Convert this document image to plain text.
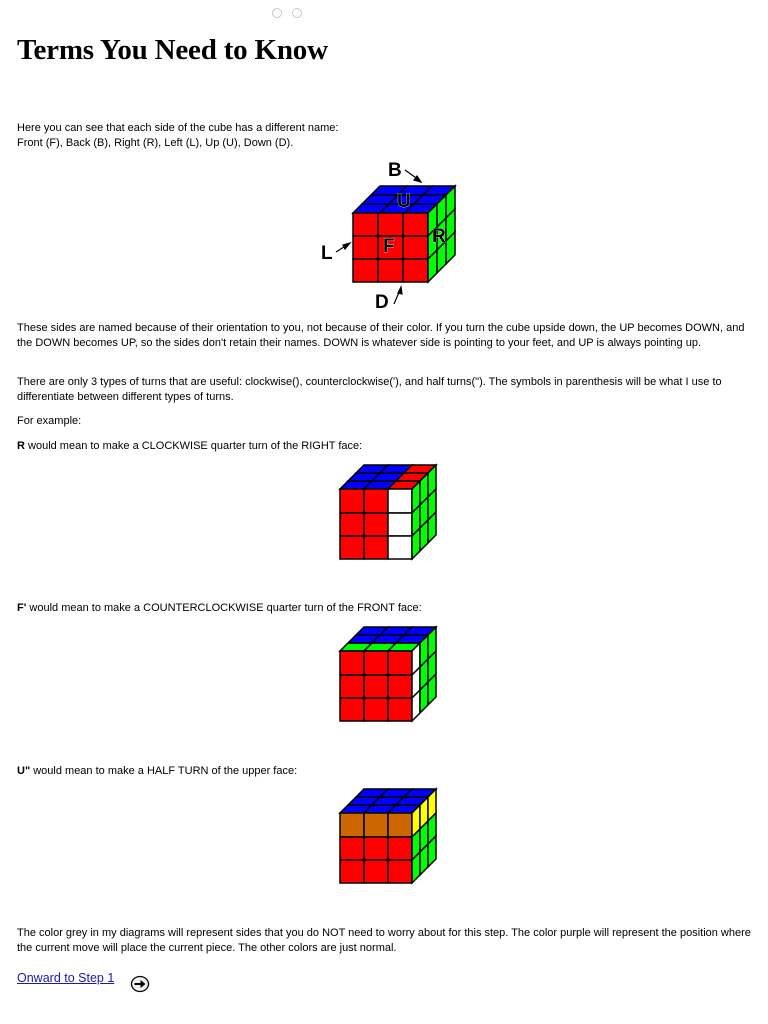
Terms You Need to Know
Here you can see that each side of the cube has a different name:
Front (F), Back (B), Right (R), Left (L), Up (U), Down (D).
B
U
R
L	F
D
These sides are named because of their orientation to you, not because of their color. If you turn the cube upside down, the UP becomes DOWN, and the DOWN becomes UP, so the sides don't retain their names. DOWN is whatever side is pointing to your feet, and UP is always pointing up.
There are only 3 types of turns that are useful: clockwise(), counterclockwise('), and half turns("). The symbols in parenthesis will be what I use to differentiate between different types of turns.
For example:
R would mean to make a CLOCKWISE quarter turn of the RIGHT face:
F' would mean to make a COUNTERCLOCKWISE quarter turn of the FRONT face:
U" would mean to make a HALF TURN of the upper face:
The color grey in my diagrams will represent sides that you do NOT need to worry about for this step. The color purple will represent the position where the current move will place the current piece. The other colors are just normal.
Onward to Step 1
